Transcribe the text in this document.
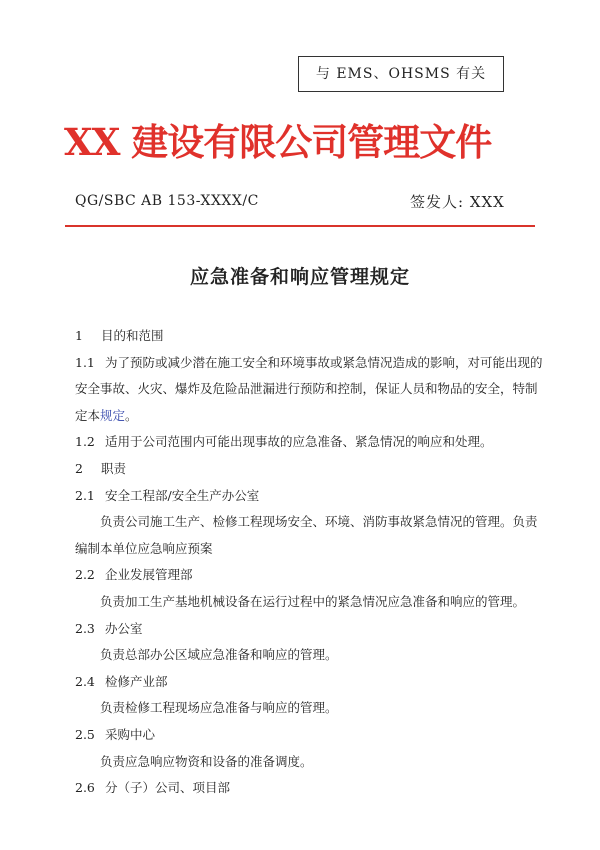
与 EMS、OHSMS 有关
XX 建设有限公司管理文件
QG/SBC AB 153-XXXX/C	签发人: XXX
应急准备和响应管理规定
1 目的和范围
1.1 为了预防或减少潜在施工安全和环境事故或紧急情况造成的影响，对可能出现的
安全事故、火灾、爆炸及危险品泄漏进行预防和控制，保证人员和物品的安全，特制
定本规定。
1.2 适用于公司范围内可能出现事故的应急准备、紧急情况的响应和处理。
2 职责
2.1 安全工程部/安全生产办公室
负责公司施工生产、检修工程现场安全、环境、消防事故紧急情况的管理。负责
编制本单位应急响应预案
2.2 企业发展管理部
负责加工生产基地机械设备在运行过程中的紧急情况应急准备和响应的管理。
2.3 办公室
负责总部办公区域应急准备和响应的管理。
2.4 检修产业部
负责检修工程现场应急准备与响应的管理。
2.5 采购中心
负责应急响应物资和设备的准备调度。
2.6 分（子）公司、项目部
